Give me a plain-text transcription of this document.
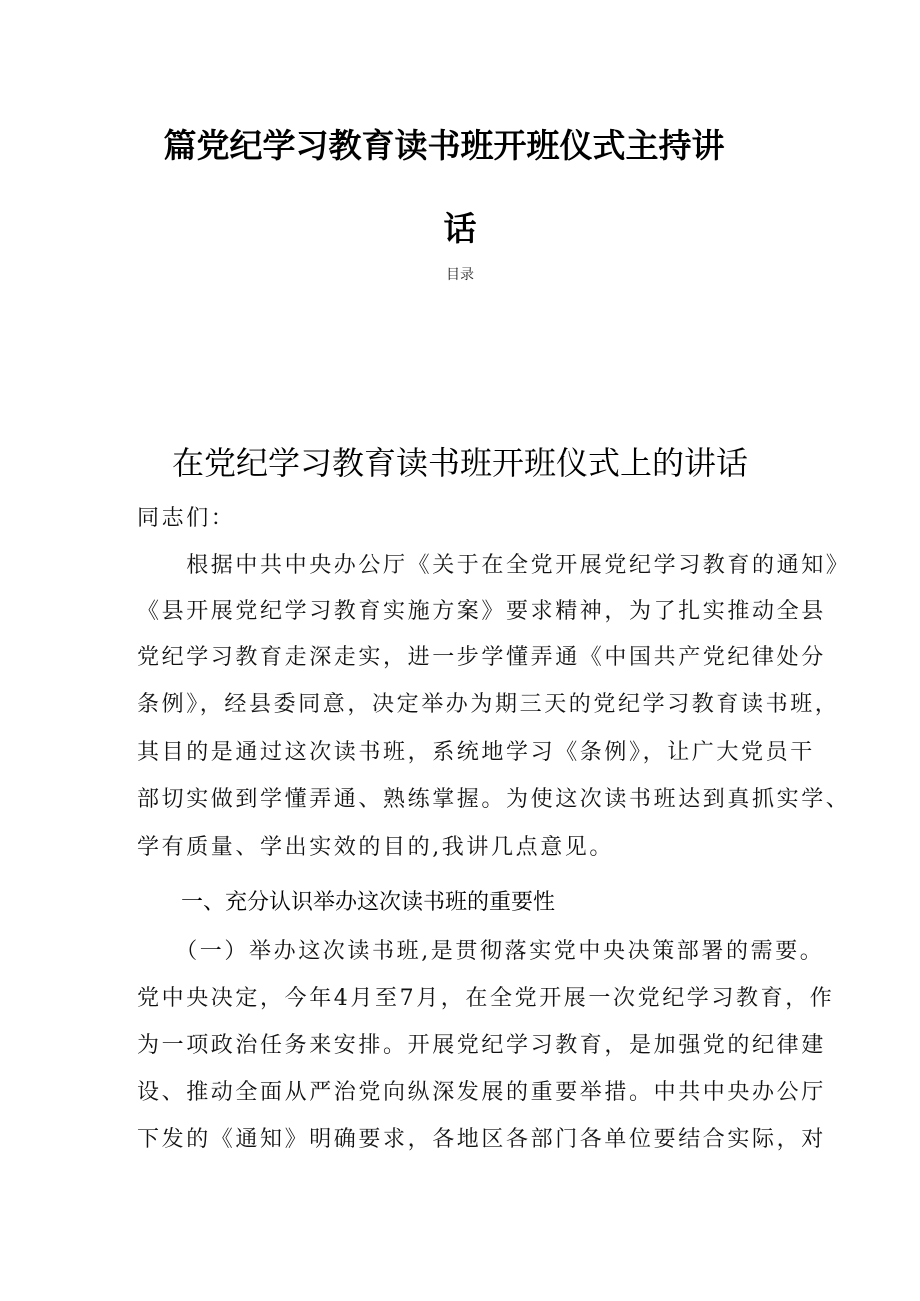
篇党纪学习教育读书班开班仪式主持讲
话
目录
在党纪学习教育读书班开班仪式上的讲话
同志们：
　　根据中共中央办公厅《关于在全党开展党纪学习教育的通知》
《县开展党纪学习教育实施方案》要求精神，为了扎实推动全县
党纪学习教育走深走实，进一步学懂弄通《中国共产党纪律处分
条例》，经县委同意，决定举办为期三天的党纪学习教育读书班，
其目的是通过这次读书班，系统地学习《条例》，让广大党员干
部切实做到学懂弄通、熟练掌握。为使这次读书班达到真抓实学、
学有质量、学出实效的目的,我讲几点意见。
一、充分认识举办这次读书班的重要性
　　（一）举办这次读书班,是贯彻落实党中央决策部署的需要。
党中央决定，今年4月至7月，在全党开展一次党纪学习教育，作
为一项政治任务来安排。开展党纪学习教育，是加强党的纪律建
设、推动全面从严治党向纵深发展的重要举措。中共中央办公厅
下发的《通知》明确要求，各地区各部门各单位要结合实际，对
